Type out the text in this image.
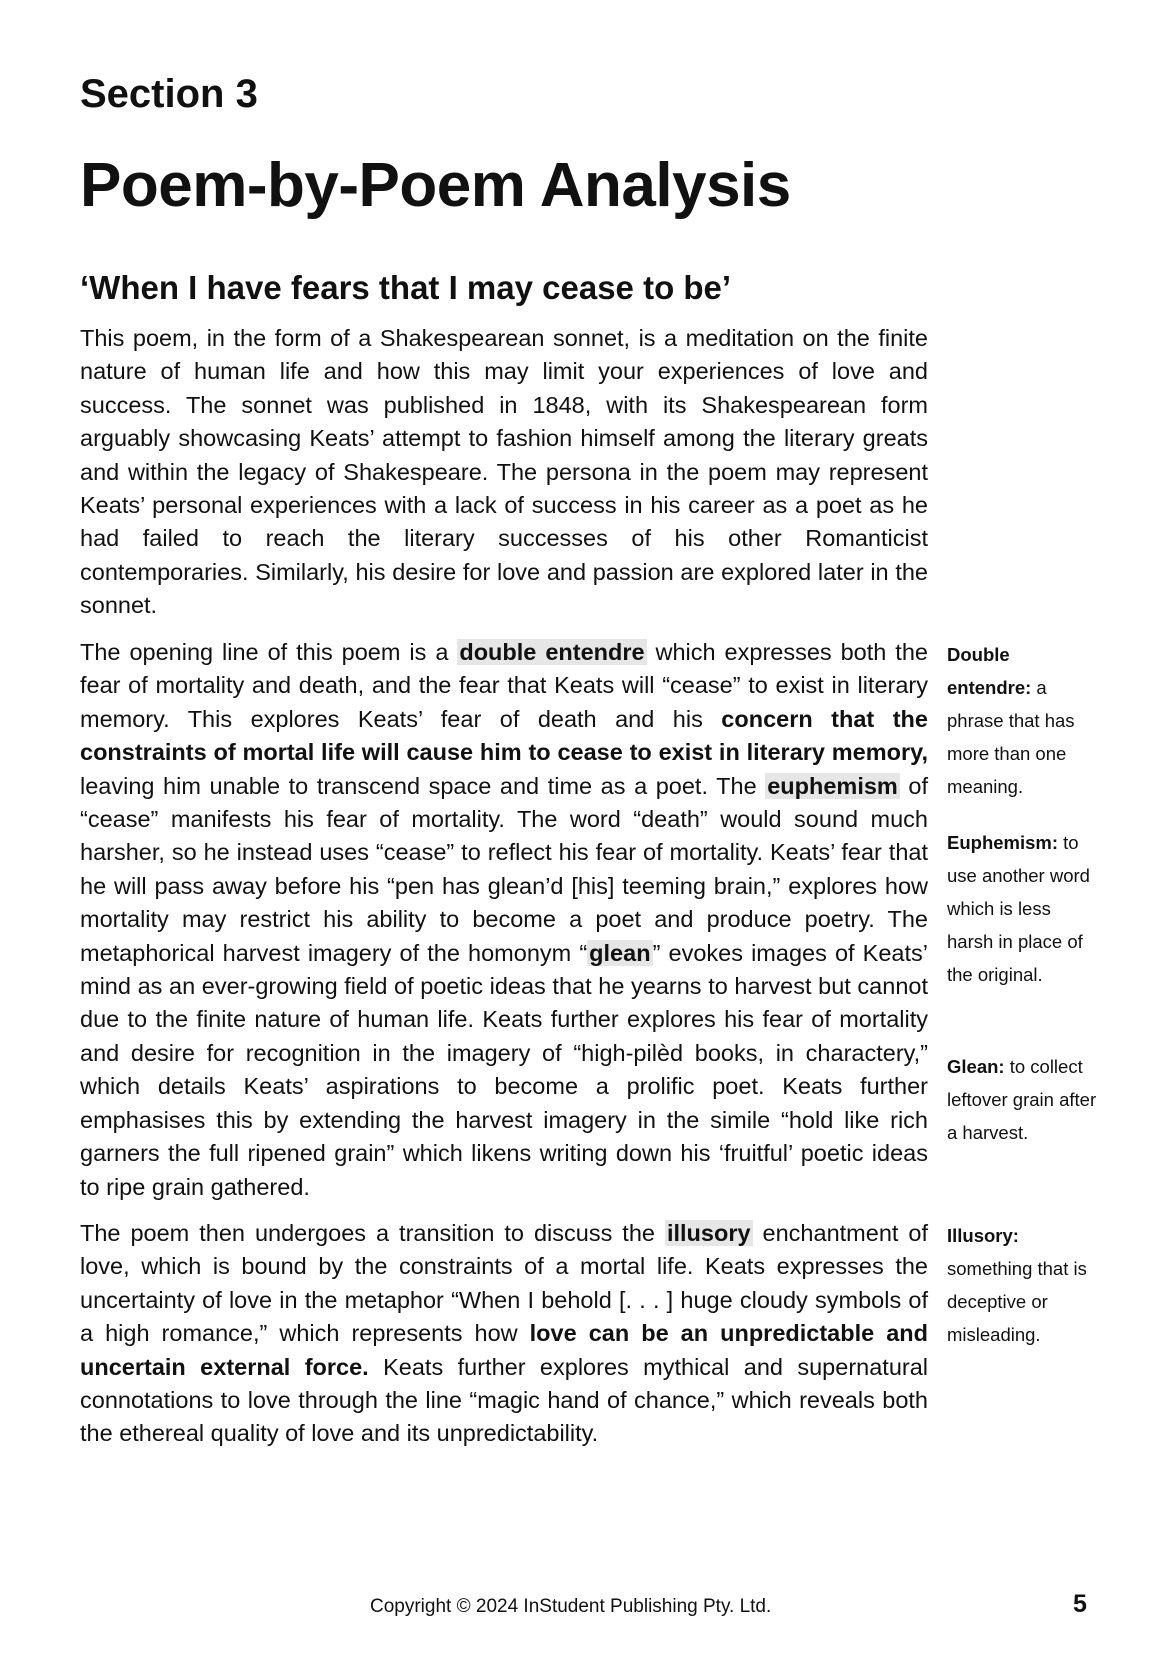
Section 3
Poem-by-Poem Analysis
‘When I have fears that I may cease to be’

This poem, in the form of a Shakespearean sonnet, is a meditation on the finite nature of human life and how this may limit your experiences of love and success. The sonnet was published in 1848, with its Shakespearean form arguably showcasing Keats’ attempt to fashion himself among the literary greats and within the legacy of Shakespeare. The persona in the poem may represent Keats’ personal experiences with a lack of success in his career as a poet as he had failed to reach the literary successes of his other Romanticist contemporaries. Similarly, his desire for love and passion are explored later in the sonnet.

The opening line of this poem is a double entendre which expresses both the fear of mortality and death, and the fear that Keats will “cease” to exist in literary memory. This explores Keats’ fear of death and his concern that the constraints of mortal life will cause him to cease to exist in literary memory, leaving him unable to transcend space and time as a poet. The euphemism of “cease” manifests his fear of mortality. The word “death” would sound much harsher, so he instead uses “cease” to reflect his fear of mortality. Keats’ fear that he will pass away before his “pen has glean’d [his] teeming brain,” explores how mortality may restrict his ability to become a poet and produce poetry. The metaphorical harvest imagery of the homonym “glean” evokes images of Keats’ mind as an ever-growing field of poetic ideas that he yearns to harvest but cannot due to the finite nature of human life. Keats further explores his fear of mortality and desire for recognition in the imagery of “high-pilèd books, in charactery,” which details Keats’ aspirations to become a prolific poet. Keats further emphasises this by extending the harvest imagery in the simile “hold like rich garners the full ripened grain” which likens writing down his ‘fruitful’ poetic ideas to ripe grain gathered.

The poem then undergoes a transition to discuss the illusory enchantment of love, which is bound by the constraints of a mortal life. Keats expresses the uncertainty of love in the metaphor “When I behold [. . . ] huge cloudy symbols of a high romance,” which represents how love can be an unpredictable and uncertain external force. Keats further explores mythical and supernatural connotations to love through the line “magic hand of chance,” which reveals both the ethereal quality of love and its unpredictability.

Double entendre: a phrase that has more than one meaning.

Euphemism: to use another word which is less harsh in place of the original.

Glean: to collect leftover grain after a harvest.

Illusory: something that is deceptive or misleading.

Copyright © 2024 InStudent Publishing Pty. Ltd.	5
